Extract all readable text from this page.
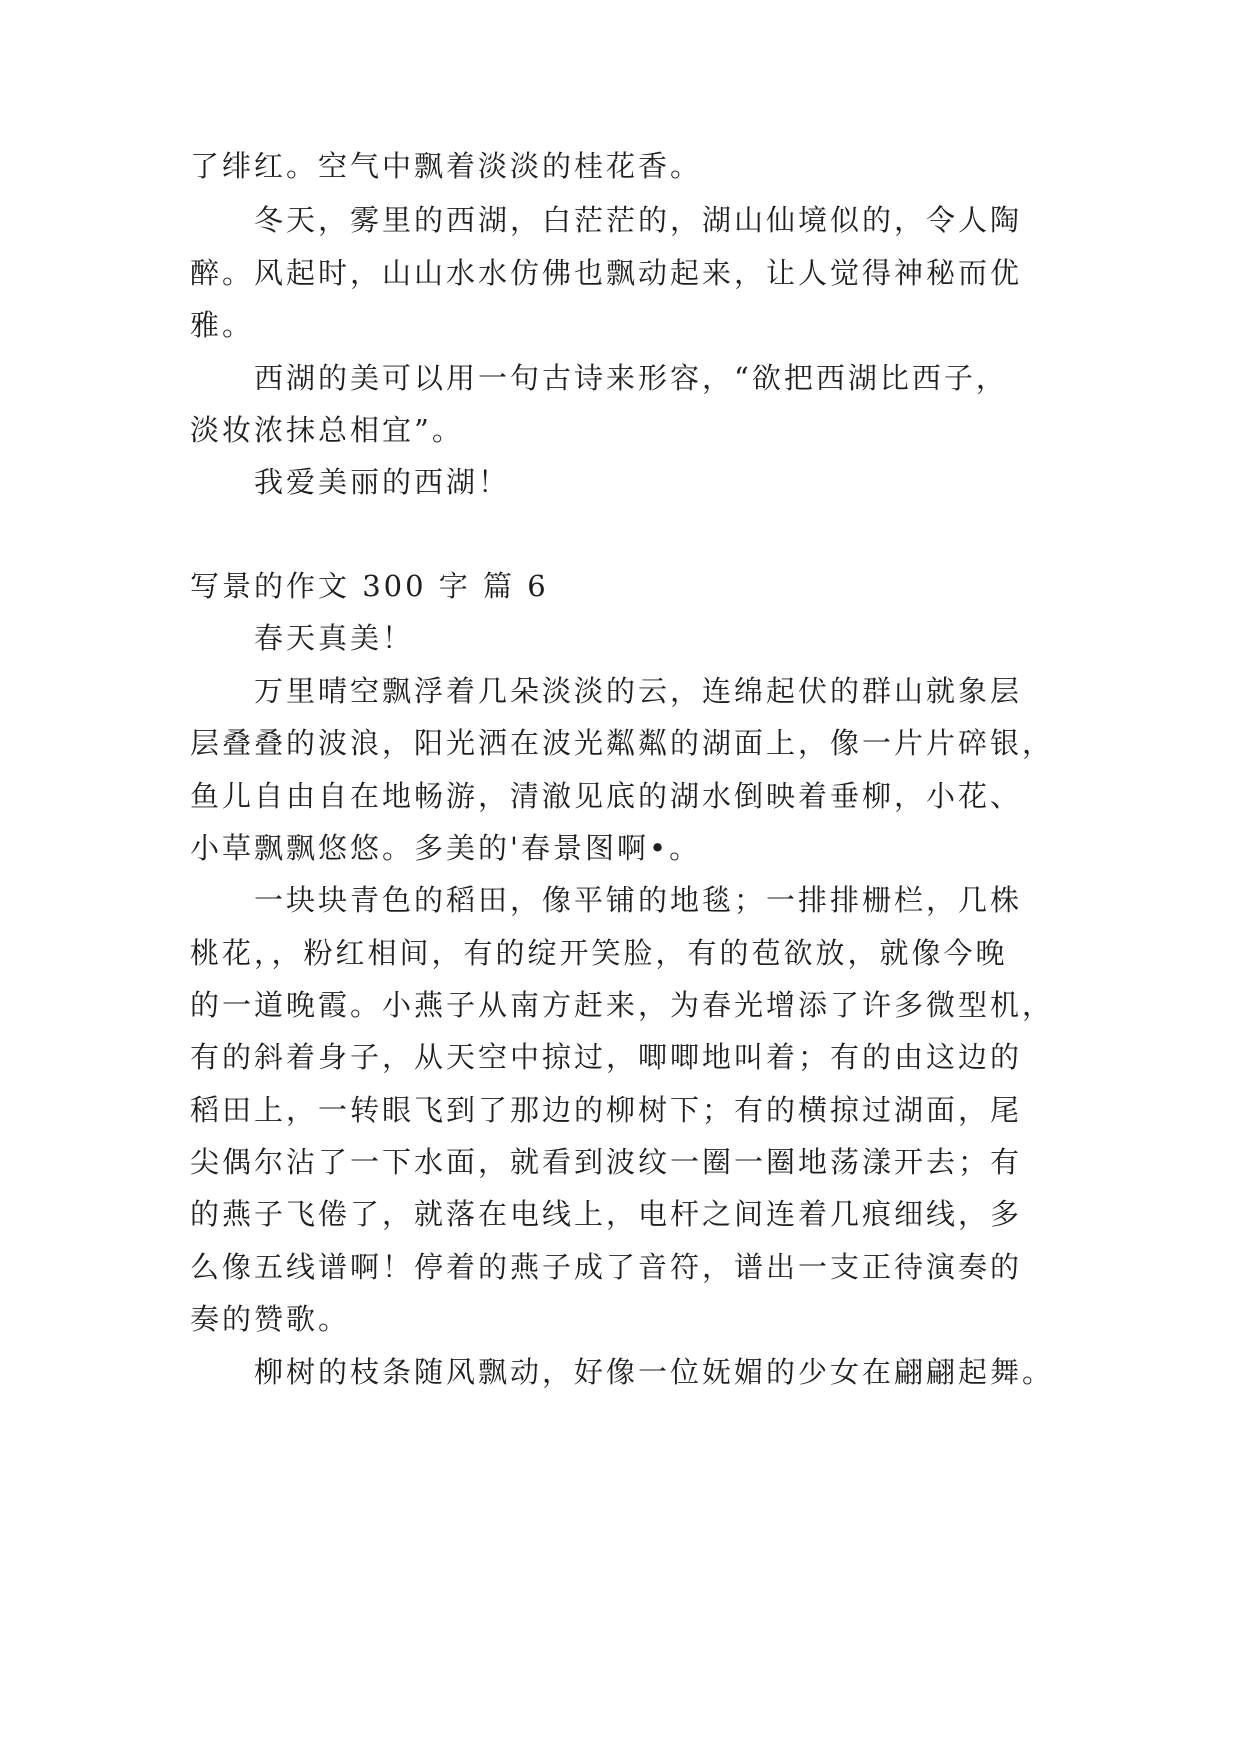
了绯红。空气中飘着淡淡的桂花香。
冬天，雾里的西湖，白茫茫的，湖山仙境似的，令人陶
醉。风起时，山山水水仿佛也飘动起来，让人觉得神秘而优
雅。
西湖的美可以用一句古诗来形容，“欲把西湖比西子，
淡妆浓抹总相宜”。
我爱美丽的西湖！
写景的作文 300 字 篇 6
春天真美！
万里晴空飘浮着几朵淡淡的云，连绵起伏的群山就象层
层叠叠的波浪，阳光洒在波光粼粼的湖面上，像一片片碎银，
鱼儿自由自在地畅游，清澈见底的湖水倒映着垂柳，小花、
小草飘飘悠悠。多美的'春景图啊•。
一块块青色的稻田，像平铺的地毯；一排排栅栏，几株
桃花，，粉红相间，有的绽开笑脸，有的苞欲放，就像今晚
的一道晚霞。小燕子从南方赶来，为春光增添了许多微型机，
有的斜着身子，从天空中掠过，唧唧地叫着；有的由这边的
稻田上，一转眼飞到了那边的柳树下；有的横掠过湖面，尾
尖偶尔沾了一下水面，就看到波纹一圈一圈地荡漾开去；有
的燕子飞倦了，就落在电线上，电杆之间连着几痕细线，多
么像五线谱啊！停着的燕子成了音符，谱出一支正待演奏的
奏的赞歌。
柳树的枝条随风飘动，好像一位妩媚的少女在翩翩起舞。
